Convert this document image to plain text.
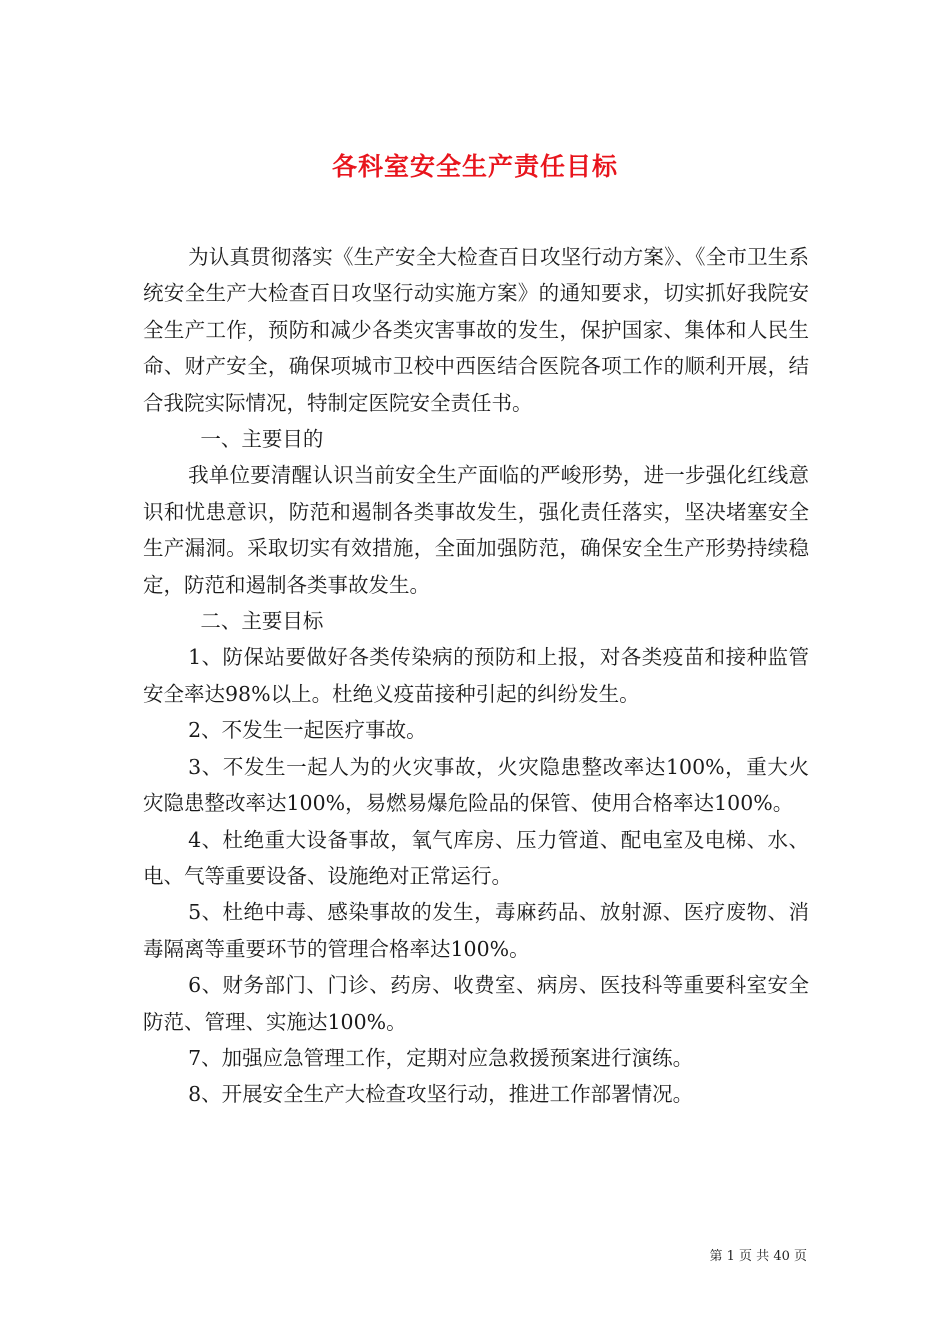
各科室安全生产责任目标

为认真贯彻落实《生产安全大检查百日攻坚行动方案》、《全市卫生系统安全生产大检查百日攻坚行动实施方案》的通知要求，切实抓好我院安全生产工作，预防和减少各类灾害事故的发生，保护国家、集体和人民生命、财产安全，确保项城市卫校中西医结合医院各项工作的顺利开展，结合我院实际情况，特制定医院安全责任书。

一、主要目的

我单位要清醒认识当前安全生产面临的严峻形势，进一步强化红线意识和忧患意识，防范和遏制各类事故发生，强化责任落实，坚决堵塞安全生产漏洞。采取切实有效措施，全面加强防范，确保安全生产形势持续稳定，防范和遏制各类事故发生。

二、主要目标

1、防保站要做好各类传染病的预防和上报，对各类疫苗和接种监管安全率达98%以上。杜绝义疫苗接种引起的纠纷发生。

2、不发生一起医疗事故。

3、不发生一起人为的火灾事故，火灾隐患整改率达100%，重大火灾隐患整改率达100%，易燃易爆危险品的保管、使用合格率达100%。

4、杜绝重大设备事故，氧气库房、压力管道、配电室及电梯、水、电、气等重要设备、设施绝对正常运行。

5、杜绝中毒、感染事故的发生，毒麻药品、放射源、医疗废物、消毒隔离等重要环节的管理合格率达100%。

6、财务部门、门诊、药房、收费室、病房、医技科等重要科室安全防范、管理、实施达100%。

7、加强应急管理工作，定期对应急救援预案进行演练。

8、开展安全生产大检查攻坚行动，推进工作部署情况。

第 1 页 共 40 页
